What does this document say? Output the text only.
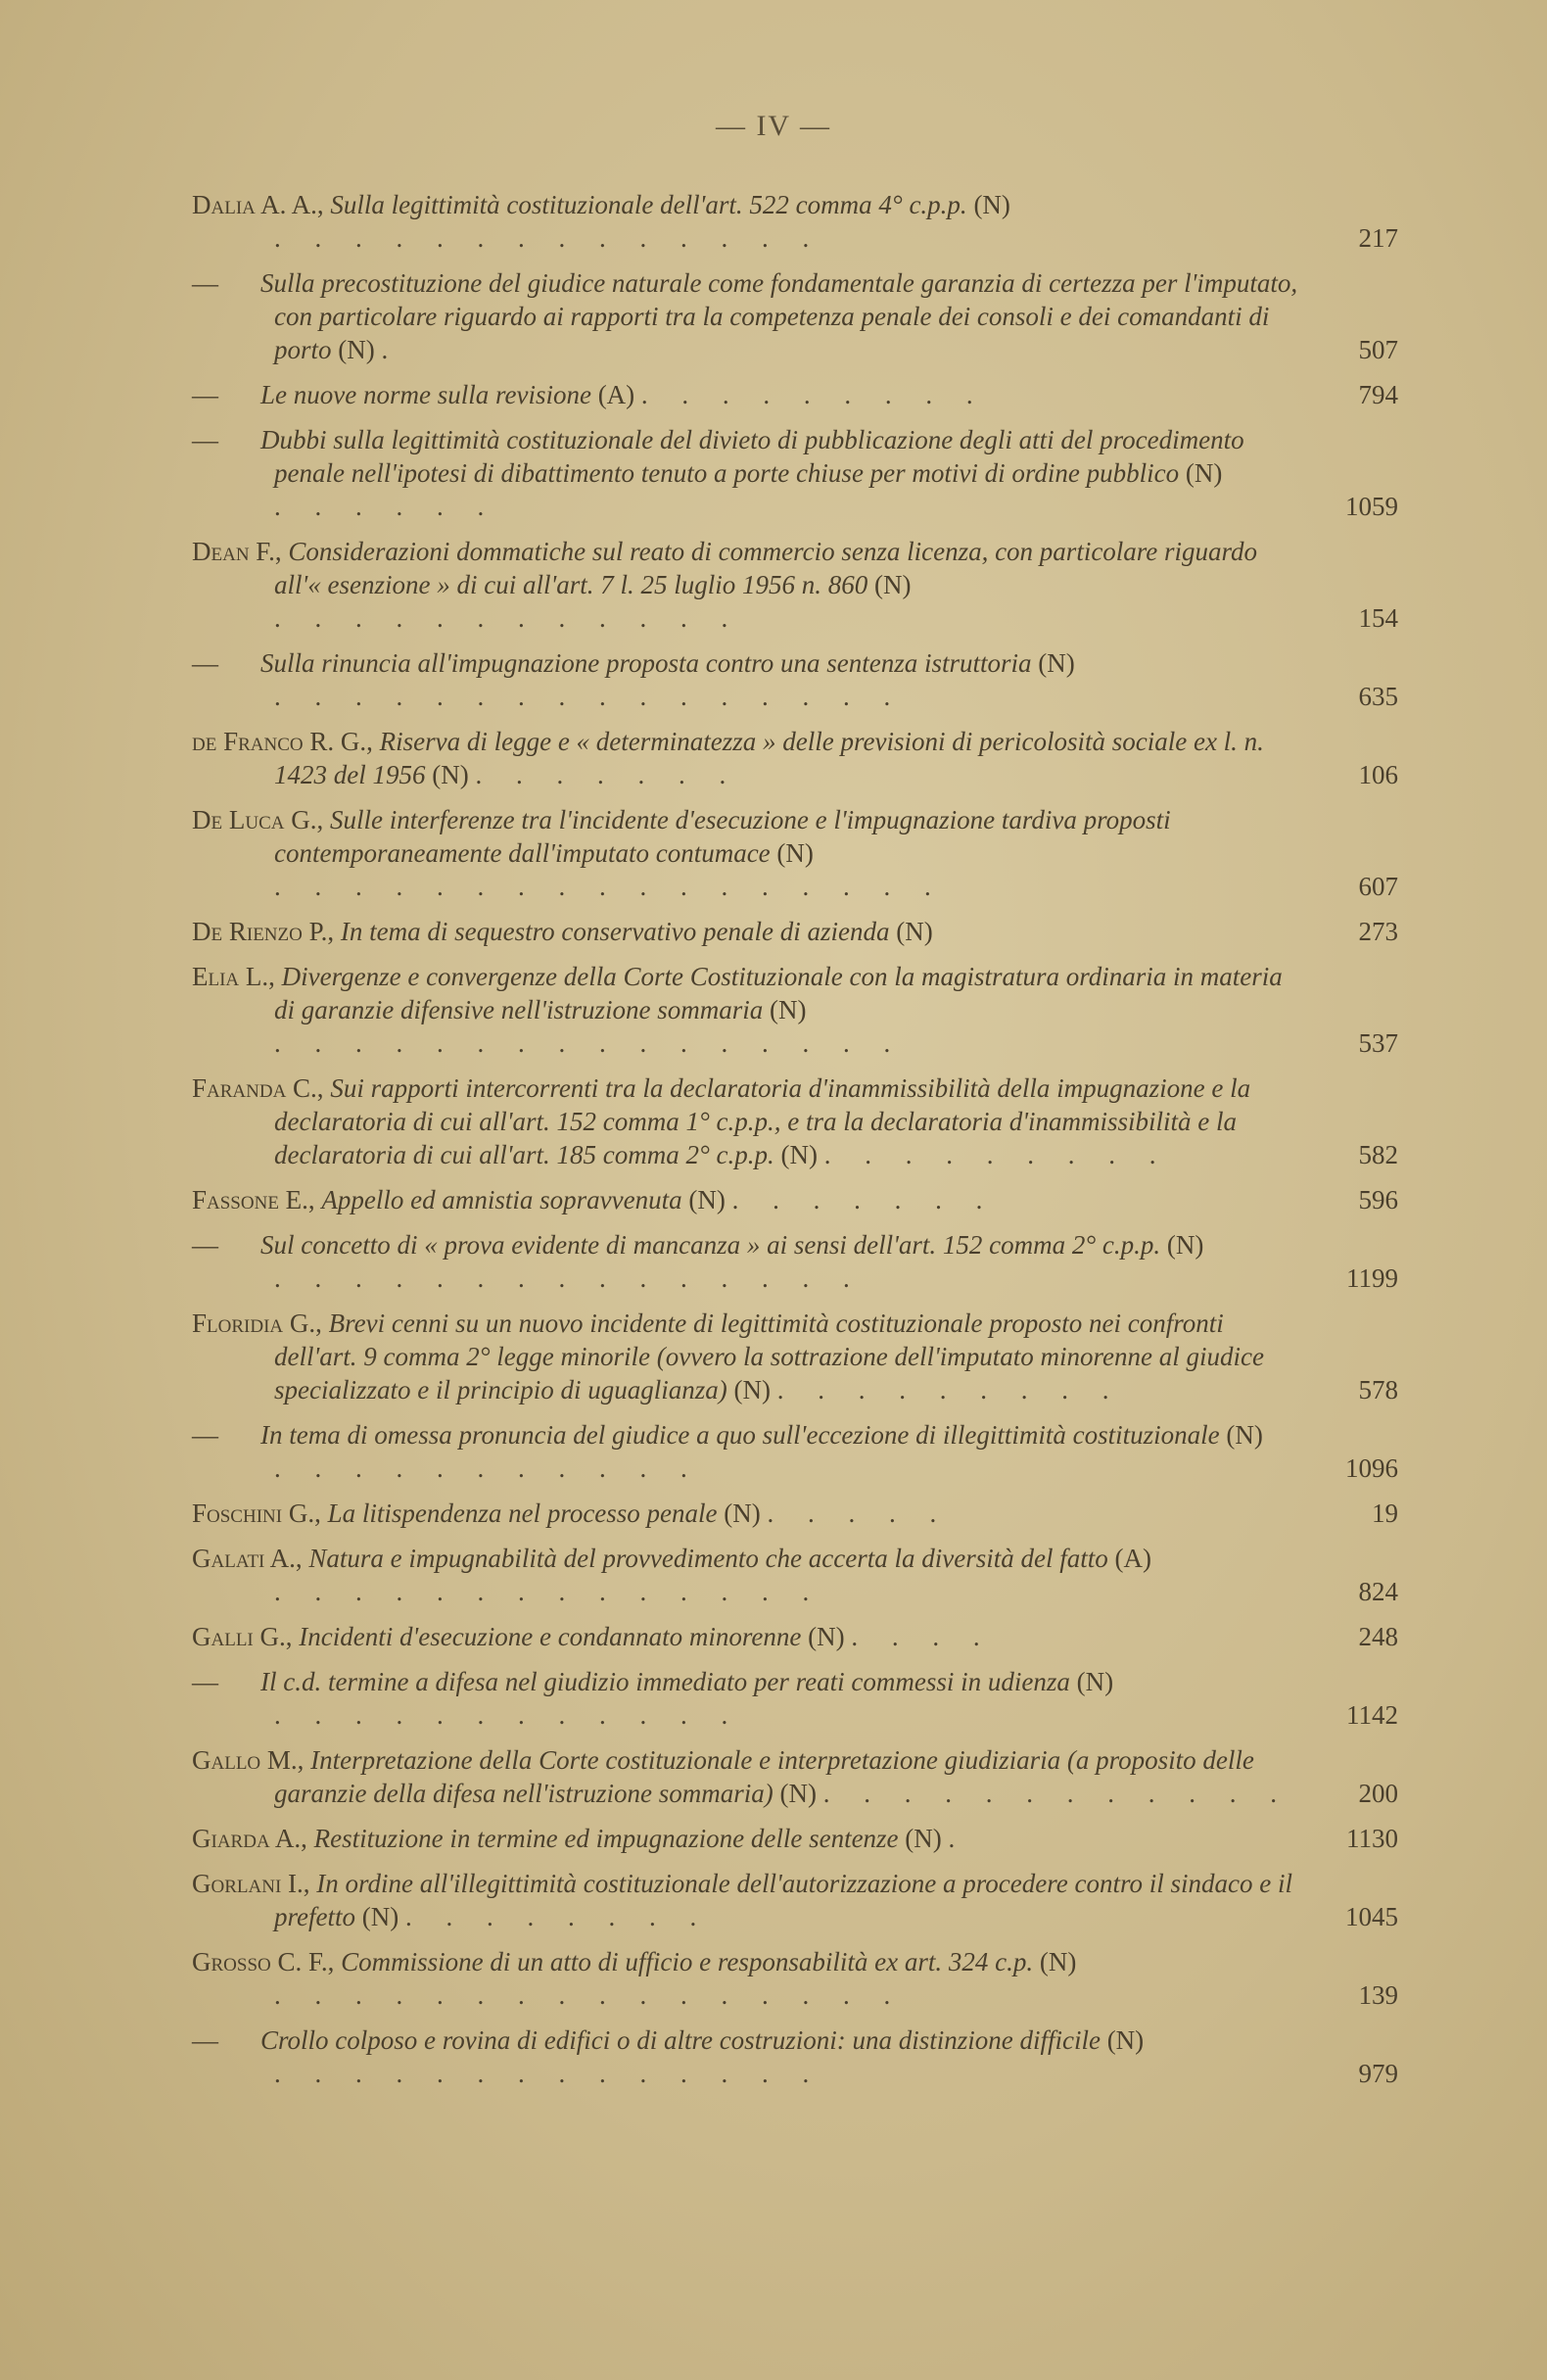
— IV —
Dalia A. A., Sulla legittimità costituzionale dell'art. 522 comma 4° c.p.p. (N) . . . . . . . . . . . . . .	217
— Sulla precostituzione del giudice naturale come fondamentale garanzia di certezza per l'imputato, con particolare riguardo ai rapporti tra la competenza penale dei consoli e dei comandanti di porto (N) .	507
— Le nuove norme sulla revisione (A) . . . . . . . . .	794
— Dubbi sulla legittimità costituzionale del divieto di pubblicazione degli atti del procedimento penale nell'ipotesi di dibattimento tenuto a porte chiuse per motivi di ordine pubblico (N) . . . . . .	1059
Dean F., Considerazioni dommatiche sul reato di commercio senza licenza, con particolare riguardo all'« esenzione » di cui all'art. 7 l. 25 luglio 1956 n. 860 (N) . . . . . . . . . . . .	154
— Sulla rinuncia all'impugnazione proposta contro una sentenza istruttoria (N) . . . . . . . . . . . . . . . .	635
de Franco R. G., Riserva di legge e « determinatezza » delle previsioni di pericolosità sociale ex l. n. 1423 del 1956 (N) . . . . . . .	106
De Luca G., Sulle interferenze tra l'incidente d'esecuzione e l'impugnazione tardiva proposti contemporaneamente dall'imputato contumace (N) . . . . . . . . . . . . . . . . .	607
De Rienzo P., In tema di sequestro conservativo penale di azienda (N)	273
Elia L., Divergenze e convergenze della Corte Costituzionale con la magistratura ordinaria in materia di garanzie difensive nell'istruzione sommaria (N) . . . . . . . . . . . . . . . .	537
Faranda C., Sui rapporti intercorrenti tra la declaratoria d'inammissibilità della impugnazione e la declaratoria di cui all'art. 152 comma 1° c.p.p., e tra la declaratoria d'inammissibilità e la declaratoria di cui all'art. 185 comma 2° c.p.p. (N) . . . . . . . . .	582
Fassone E., Appello ed amnistia sopravvenuta (N) . . . . . . .	596
— Sul concetto di « prova evidente di mancanza » ai sensi dell'art. 152 comma 2° c.p.p. (N) . . . . . . . . . . . . . . .	1199
Floridia G., Brevi cenni su un nuovo incidente di legittimità costituzionale proposto nei confronti dell'art. 9 comma 2° legge minorile (ovvero la sottrazione dell'imputato minorenne al giudice specializzato e il principio di uguaglianza) (N) . . . . . . . . .	578
— In tema di omessa pronuncia del giudice a quo sull'eccezione di illegittimità costituzionale (N) . . . . . . . . . . .	1096
Foschini G., La litispendenza nel processo penale (N) . . . . .	19
Galati A., Natura e impugnabilità del provvedimento che accerta la diversità del fatto (A) . . . . . . . . . . . . . .	824
Galli G., Incidenti d'esecuzione e condannato minorenne (N) . . . .	248
— Il c.d. termine a difesa nel giudizio immediato per reati commessi in udienza (N) . . . . . . . . . . . .	1142
Gallo M., Interpretazione della Corte costituzionale e interpretazione giudiziaria (a proposito delle garanzie della difesa nell'istruzione sommaria) (N) . . . . . . . . . . . .	200
Giarda A., Restituzione in termine ed impugnazione delle sentenze (N) .	1130
Gorlani I., In ordine all'illegittimità costituzionale dell'autorizzazione a procedere contro il sindaco e il prefetto (N) . . . . . . . .	1045
Grosso C. F., Commissione di un atto di ufficio e responsabilità ex art. 324 c.p. (N) . . . . . . . . . . . . . . . .	139
— Crollo colposo e rovina di edifici o di altre costruzioni: una distinzione difficile (N) . . . . . . . . . . . . . .	979
